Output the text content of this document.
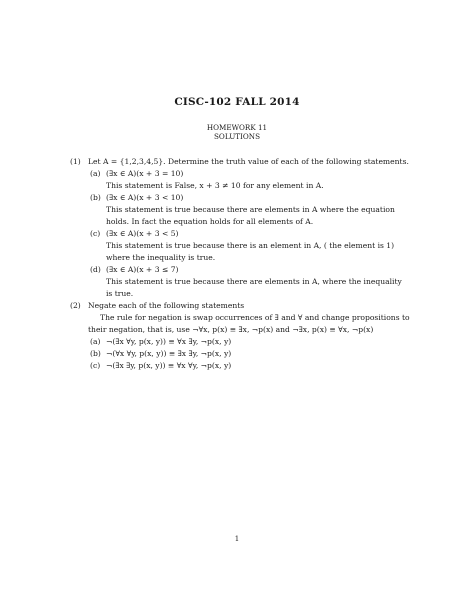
CISC-102 FALL 2014
HOMEWORK 11
SOLUTIONS
(1) Let A = {1,2,3,4,5}. Determine the truth value of each of the following statements.
(a) (∃x ∈ A)(x + 3 = 10)
This statement is False, x + 3 ≠ 10 for any element in A.
(b) (∃x ∈ A)(x + 3 < 10)
This statement is true because there are elements in A where the equation
holds. In fact the equation holds for all elements of A.
(c) (∃x ∈ A)(x + 3 < 5)
This statement is true because there is an element in A, ( the element is 1)
where the inequality is true.
(d) (∃x ∈ A)(x + 3 ≤ 7)
This statement is true because there are elements in A, where the inequality
is true.
(2) Negate each of the following statements
The rule for negation is swap occurrences of ∃ and ∀ and change propositions to
their negation, that is, use ¬∀x, p(x) ≡ ∃x, ¬p(x) and ¬∃x, p(x) ≡ ∀x, ¬p(x)
(a) ¬(∃x ∀y, p(x, y)) ≡ ∀x ∃y, ¬p(x, y)
(b) ¬(∀x ∀y, p(x, y)) ≡ ∃x ∃y, ¬p(x, y)
(c) ¬(∃x ∃y, p(x, y)) ≡ ∀x ∀y, ¬p(x, y)
1
